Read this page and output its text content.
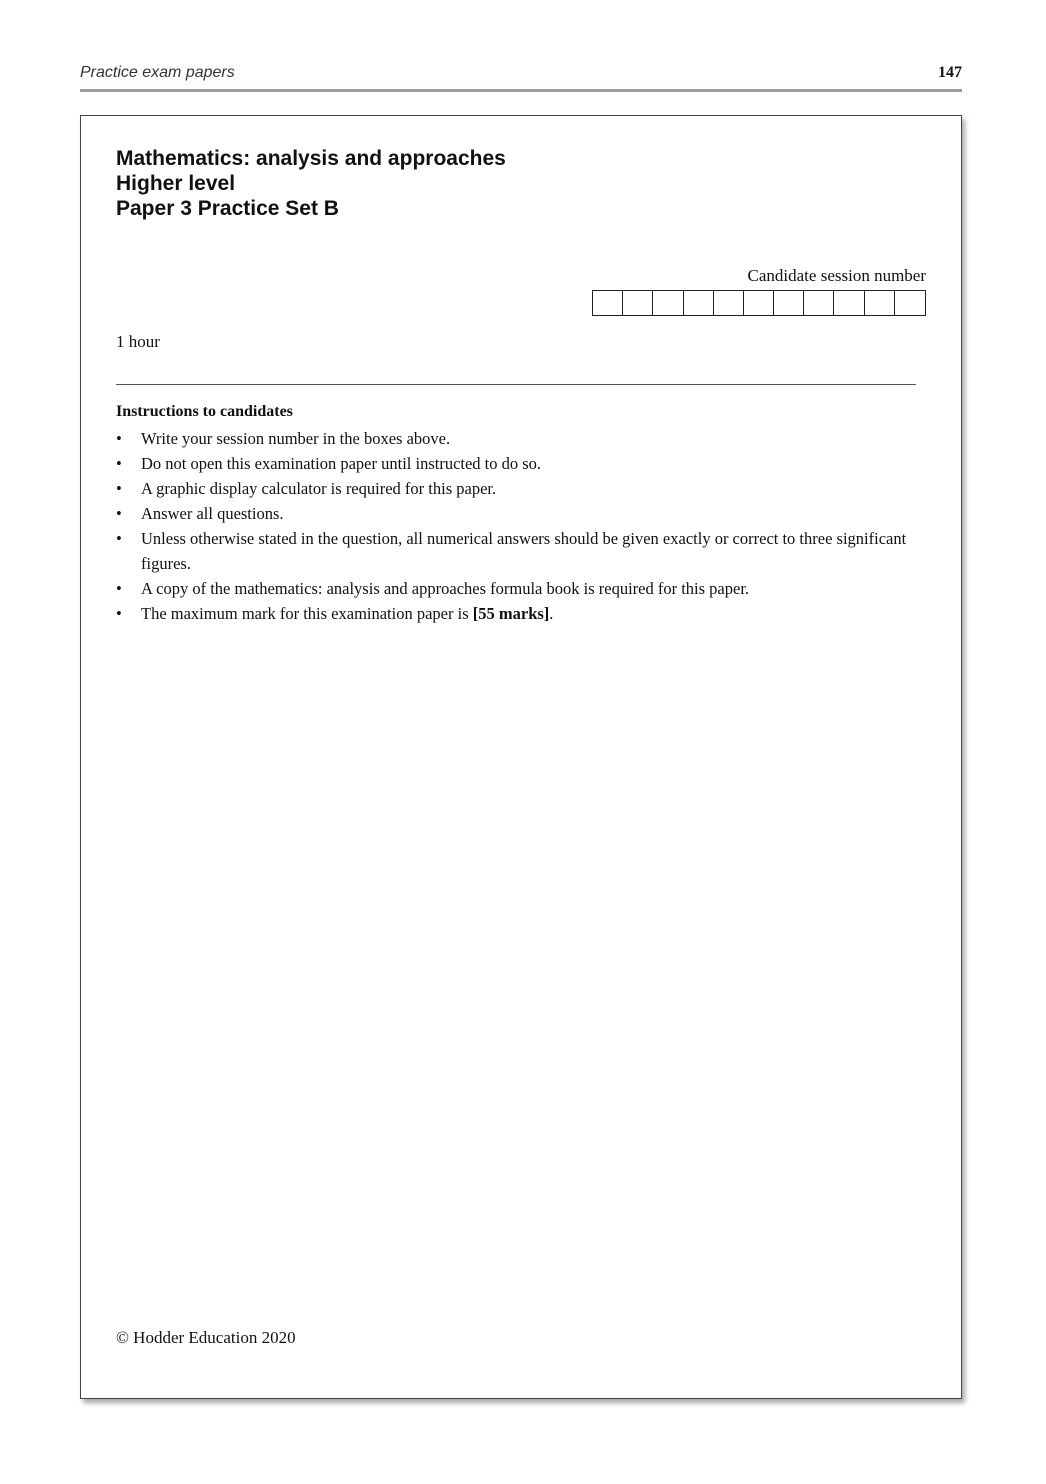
Practice exam papers	147
Mathematics: analysis and approaches
Higher level
Paper 3 Practice Set B
Candidate session number
1 hour
Instructions to candidates
• Write your session number in the boxes above.
• Do not open this examination paper until instructed to do so.
• A graphic display calculator is required for this paper.
• Answer all questions.
• Unless otherwise stated in the question, all numerical answers should be given exactly or correct to three significant figures.
• A copy of the mathematics: analysis and approaches formula book is required for this paper.
• The maximum mark for this examination paper is [55 marks].
© Hodder Education 2020
